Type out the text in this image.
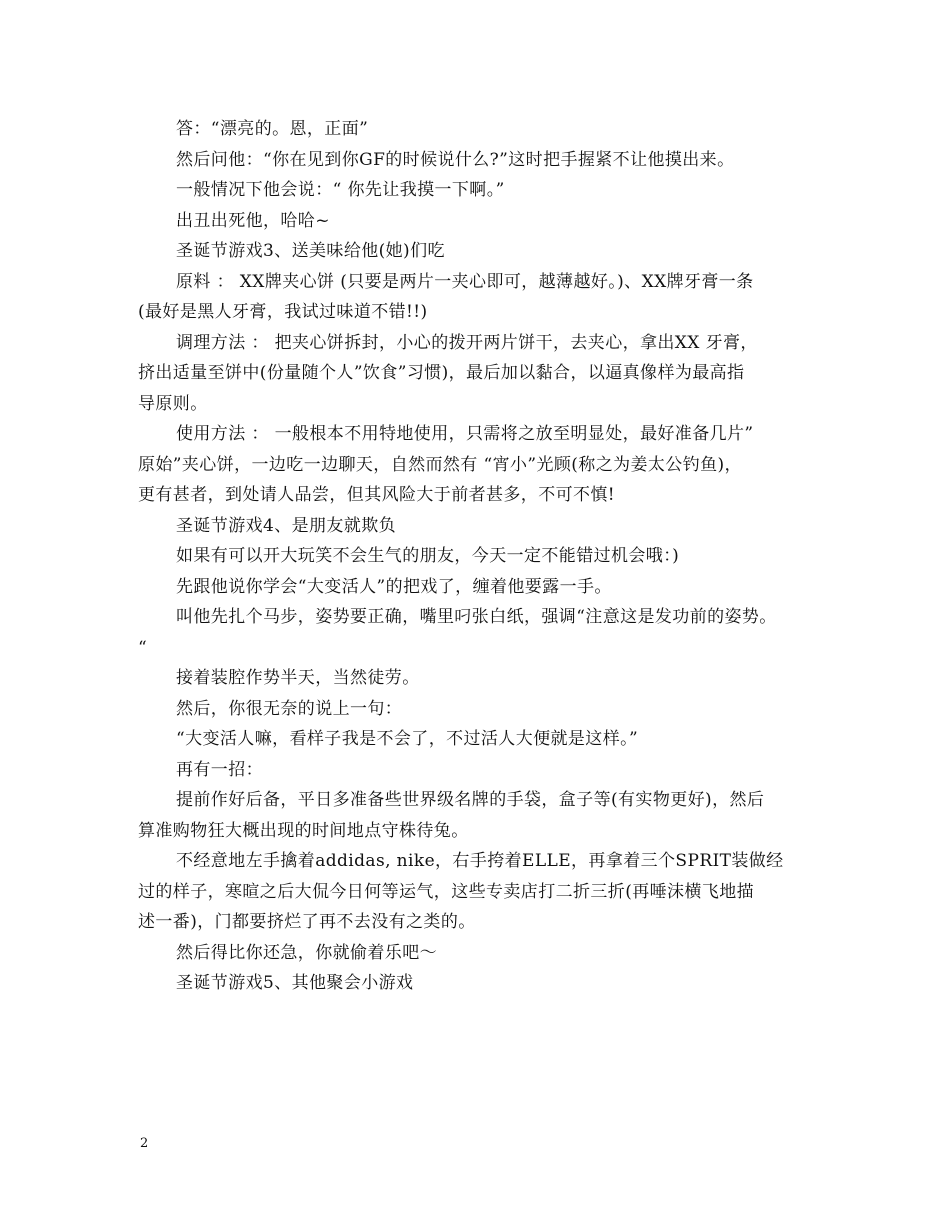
答：“漂亮的。恩，正面”
然后问他：“你在见到你GF的时候说什么?”这时把手握紧不让他摸出来。
一般情况下他会说：“ 你先让我摸一下啊。”
出丑出死他，哈哈~
圣诞节游戏3、送美味给他(她)们吃
原料 ： XX牌夹心饼 (只要是两片一夹心即可，越薄越好。)、XX牌牙膏一条
(最好是黑人牙膏，我试过味道不错!!)
调理方法 ： 把夹心饼拆封，小心的拨开两片饼干，去夹心，拿出XX 牙膏，
挤出适量至饼中(份量随个人”饮食”习惯)，最后加以黏合，以逼真像样为最高指
导原则。
使用方法 ： 一般根本不用特地使用，只需将之放至明显处，最好准备几片”
原始”夹心饼，一边吃一边聊天，自然而然有 “宵小”光顾(称之为姜太公钓鱼)，
更有甚者，到处请人品尝，但其风险大于前者甚多，不可不慎!
圣诞节游戏4、是朋友就欺负
如果有可以开大玩笑不会生气的朋友，今天一定不能错过机会哦：)
先跟他说你学会“大变活人”的把戏了，缠着他要露一手。
叫他先扎个马步，姿势要正确，嘴里叼张白纸，强调“注意这是发功前的姿势。
“
接着装腔作势半天，当然徒劳。
然后，你很无奈的说上一句：
“大变活人嘛，看样子我是不会了，不过活人大便就是这样。”
再有一招：
提前作好后备，平日多准备些世界级名牌的手袋，盒子等(有实物更好)，然后
算准购物狂大概出现的时间地点守株待兔。
不经意地左手擒着addidas, nike，右手挎着ELLE，再拿着三个SPRIT装做经
过的样子，寒暄之后大侃今日何等运气，这些专卖店打二折三折(再唾沫横飞地描
述一番)，门都要挤烂了再不去没有之类的。
然后得比你还急，你就偷着乐吧～
圣诞节游戏5、其他聚会小游戏
2
